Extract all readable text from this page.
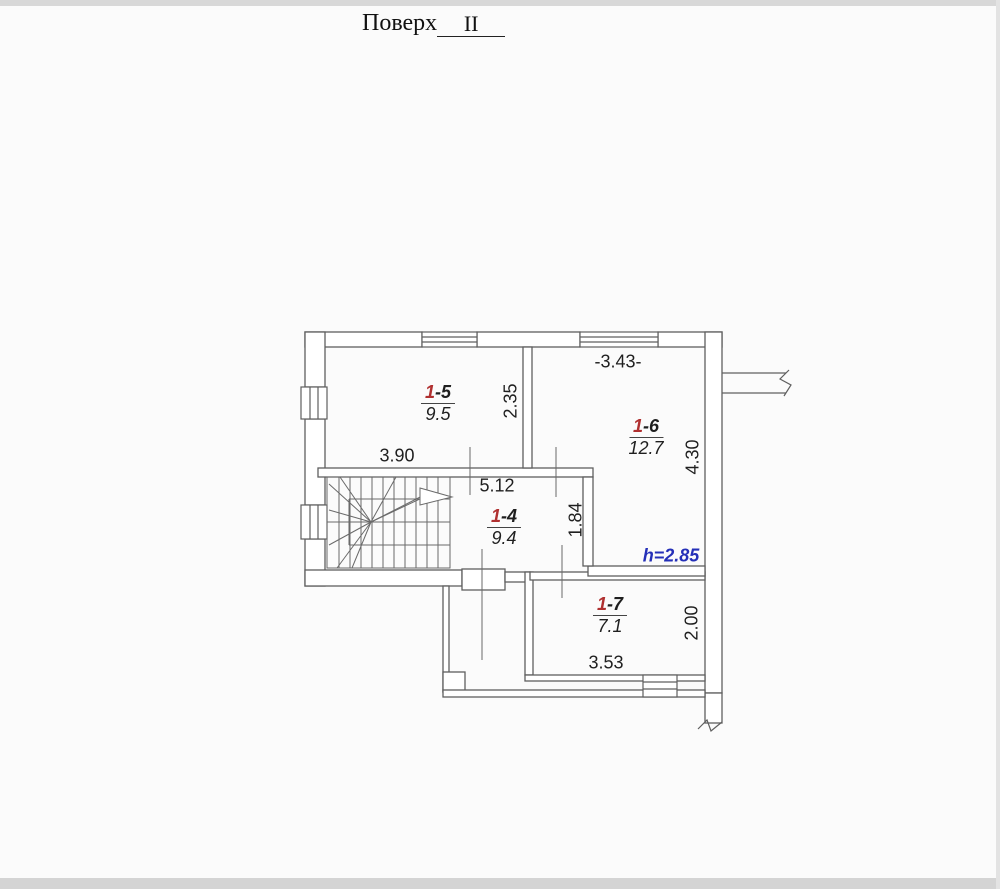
Поверх II
1-5
9.5
1-6
12.7
1-4
9.4
1-7
7.1
3.90
2.35
-3.43-
4.30
5.12
1.84
2.00
3.53
h=2.85
